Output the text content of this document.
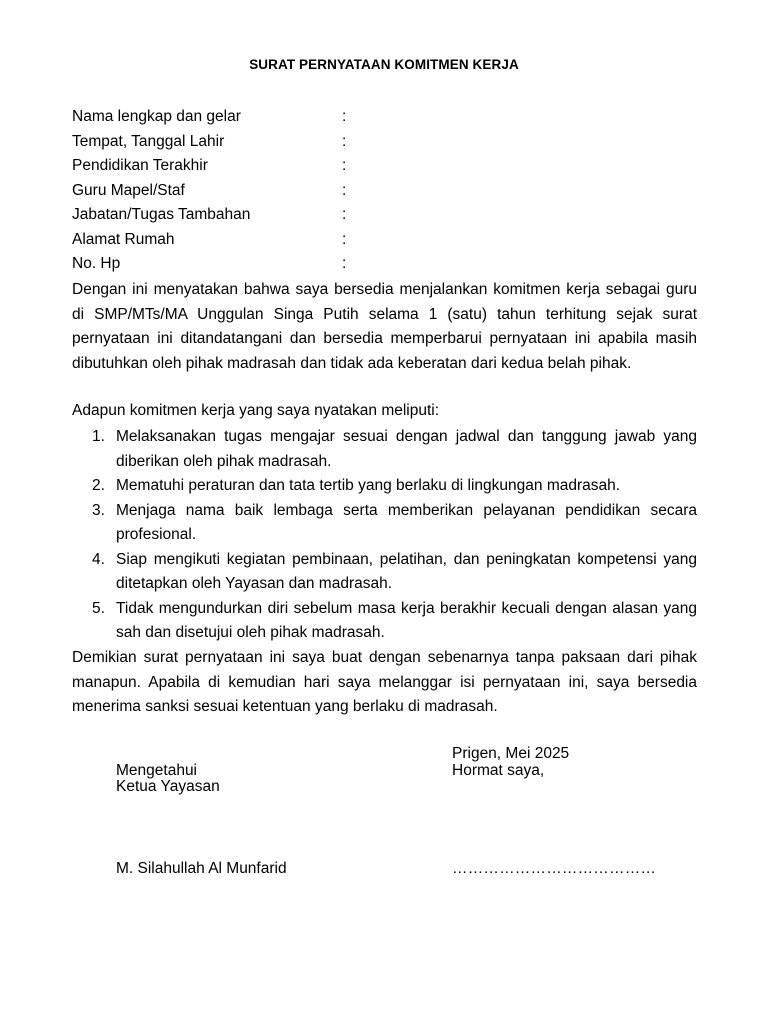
SURAT PERNYATAAN KOMITMEN KERJA
Nama lengkap dan gelar	:
Tempat, Tanggal Lahir	:
Pendidikan Terakhir	:
Guru Mapel/Staf	:
Jabatan/Tugas Tambahan	:
Alamat Rumah	:
No. Hp	:
Dengan ini menyatakan bahwa saya bersedia menjalankan komitmen kerja sebagai guru di SMP/MTs/MA Unggulan Singa Putih selama 1 (satu) tahun terhitung sejak surat pernyataan ini ditandatangani dan bersedia memperbarui pernyataan ini apabila masih dibutuhkan oleh pihak madrasah dan tidak ada keberatan dari kedua belah pihak.
Adapun komitmen kerja yang saya nyatakan meliputi:
1. Melaksanakan tugas mengajar sesuai dengan jadwal dan tanggung jawab yang diberikan oleh pihak madrasah.
2. Mematuhi peraturan dan tata tertib yang berlaku di lingkungan madrasah.
3. Menjaga nama baik lembaga serta memberikan pelayanan pendidikan secara profesional.
4. Siap mengikuti kegiatan pembinaan, pelatihan, dan peningkatan kompetensi yang ditetapkan oleh Yayasan dan madrasah.
5. Tidak mengundurkan diri sebelum masa kerja berakhir kecuali dengan alasan yang sah dan disetujui oleh pihak madrasah.
Demikian surat pernyataan ini saya buat dengan sebenarnya tanpa paksaan dari pihak manapun. Apabila di kemudian hari saya melanggar isi pernyataan ini, saya bersedia menerima sanksi sesuai ketentuan yang berlaku di madrasah.
Prigen, Mei 2025
Mengetahui	Hormat saya,
Ketua Yayasan
M. Silahullah Al Munfarid	…………………………………
